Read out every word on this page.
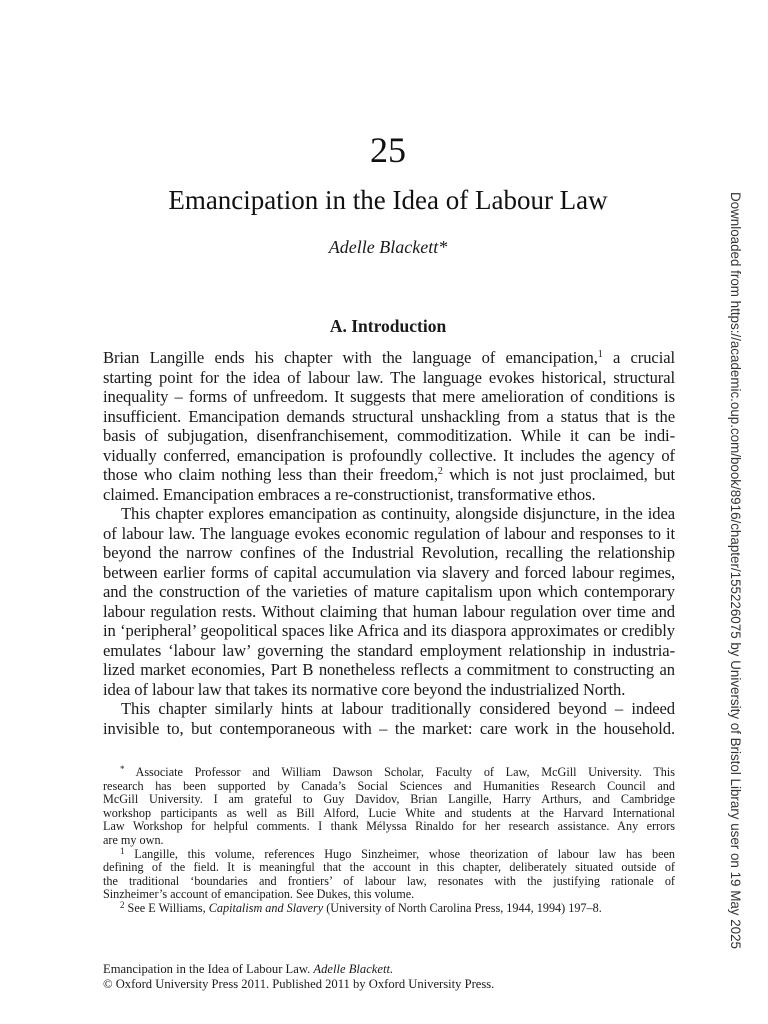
25
Emancipation in the Idea of Labour Law
Adelle Blackett*
A. Introduction
Brian Langille ends his chapter with the language of emancipation,$^1$ a crucial
starting point for the idea of labour law. The language evokes historical, structural
inequality – forms of unfreedom. It suggests that mere amelioration of conditions is
insufficient. Emancipation demands structural unshackling from a status that is the
basis of subjugation, disenfranchisement, commoditization. While it can be indi-
vidually conferred, emancipation is profoundly collective. It includes the agency of
those who claim nothing less than their freedom,$^2$ which is not just proclaimed, but
claimed. Emancipation embraces a re-constructionist, transformative ethos.
This chapter explores emancipation as continuity, alongside disjuncture, in the idea
of labour law. The language evokes economic regulation of labour and responses to it
beyond the narrow confines of the Industrial Revolution, recalling the relationship
between earlier forms of capital accumulation via slavery and forced labour regimes,
and the construction of the varieties of mature capitalism upon which contemporary
labour regulation rests. Without claiming that human labour regulation over time and
in ‘peripheral’ geopolitical spaces like Africa and its diaspora approximates or credibly
emulates ‘labour law’ governing the standard employment relationship in industria-
lized market economies, Part B nonetheless reflects a commitment to constructing an
idea of labour law that takes its normative core beyond the industrialized North.
This chapter similarly hints at labour traditionally considered beyond – indeed
invisible to, but contemporaneous with – the market: care work in the household.
* Associate Professor and William Dawson Scholar, Faculty of Law, McGill University. This
research has been supported by Canada’s Social Sciences and Humanities Research Council and
McGill University. I am grateful to Guy Davidov, Brian Langille, Harry Arthurs, and Cambridge
workshop participants as well as Bill Alford, Lucie White and students at the Harvard International
Law Workshop for helpful comments. I thank Mélyssa Rinaldo for her research assistance. Any errors
are my own.
$^1$ Langille, this volume, references Hugo Sinzheimer, whose theorization of labour law has been
defining of the field. It is meaningful that the account in this chapter, deliberately situated outside of
the traditional ‘boundaries and frontiers’ of labour law, resonates with the justifying rationale of
Sinzheimer’s account of emancipation. See Dukes, this volume.
$^2$ See E Williams, Capitalism and Slavery (University of North Carolina Press, 1944, 1994) 197–8.
Emancipation in the Idea of Labour Law. Adelle Blackett.
© Oxford University Press 2011. Published 2011 by Oxford University Press.
Downloaded from https://academic.oup.com/book/8916/chapter/155226075 by University of Bristol Library user on 19 May 2025
